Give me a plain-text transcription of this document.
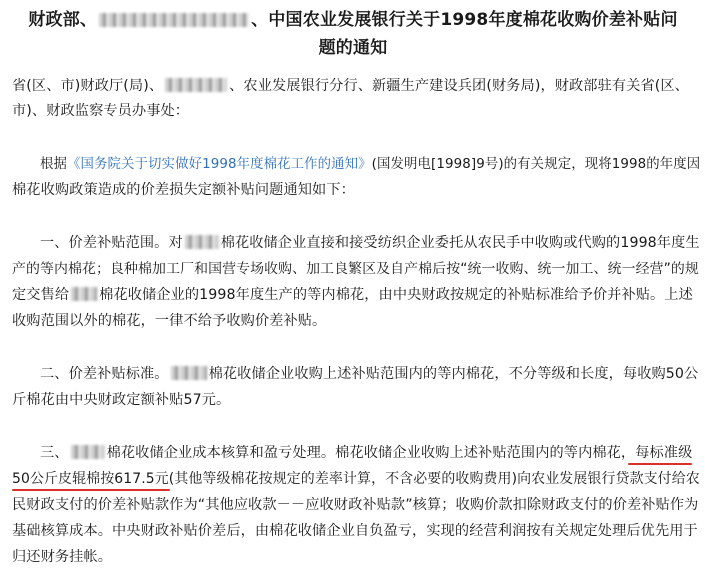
财政部、	、中国农业发展银行关于1998年度棉花收购价差补贴问
题的通知
省(区、市)财政厅(局)、	、农业发展银行分行、新疆生产建设兵团(财务局)，财政部驻有关省(区、
市)、财政监察专员办事处：
根据《国务院关于切实做好1998年度棉花工作的通知》(国发明电[1998]9号)的有关规定，现将1998的年度因
棉花收购政策造成的价差损失定额补贴问题通知如下：
一、价差补贴范围。对	棉花收储企业直接和接受纺织企业委托从农民手中收购或代购的1998年度生
产的等内棉花；良种棉加工厂和国营专场收购、加工良繁区及自产棉后按“统一收购、统一加工、统一经营”的规
定交售给 棉花收储企业的1998年度生产的等内棉花，由中央财政按规定的补贴标准给予价并补贴。上述
收购范围以外的棉花，一律不给予收购价差补贴。
二、价差补贴标准。	棉花收储企业收购上述补贴范围内的等内棉花，不分等级和长度，每收购50公
斤棉花由中央财政定额补贴57元。
三、	棉花收储企业成本核算和盈亏处理。棉花收储企业收购上述补贴范围内的等内棉花，每标准级
50公斤皮辊棉按617.5元(其他等级棉花按规定的差率计算，不含必要的收购费用)向农业发展银行贷款支付给农
民财政支付的价差补贴款作为“其他应收款－－应收财政补贴款”核算；收购价款扣除财政支付的价差补贴作为
基础核算成本。中央财政补贴价差后，由棉花收储企业自负盈亏，实现的经营利润按有关规定处理后优先用于
归还财务挂帐。
